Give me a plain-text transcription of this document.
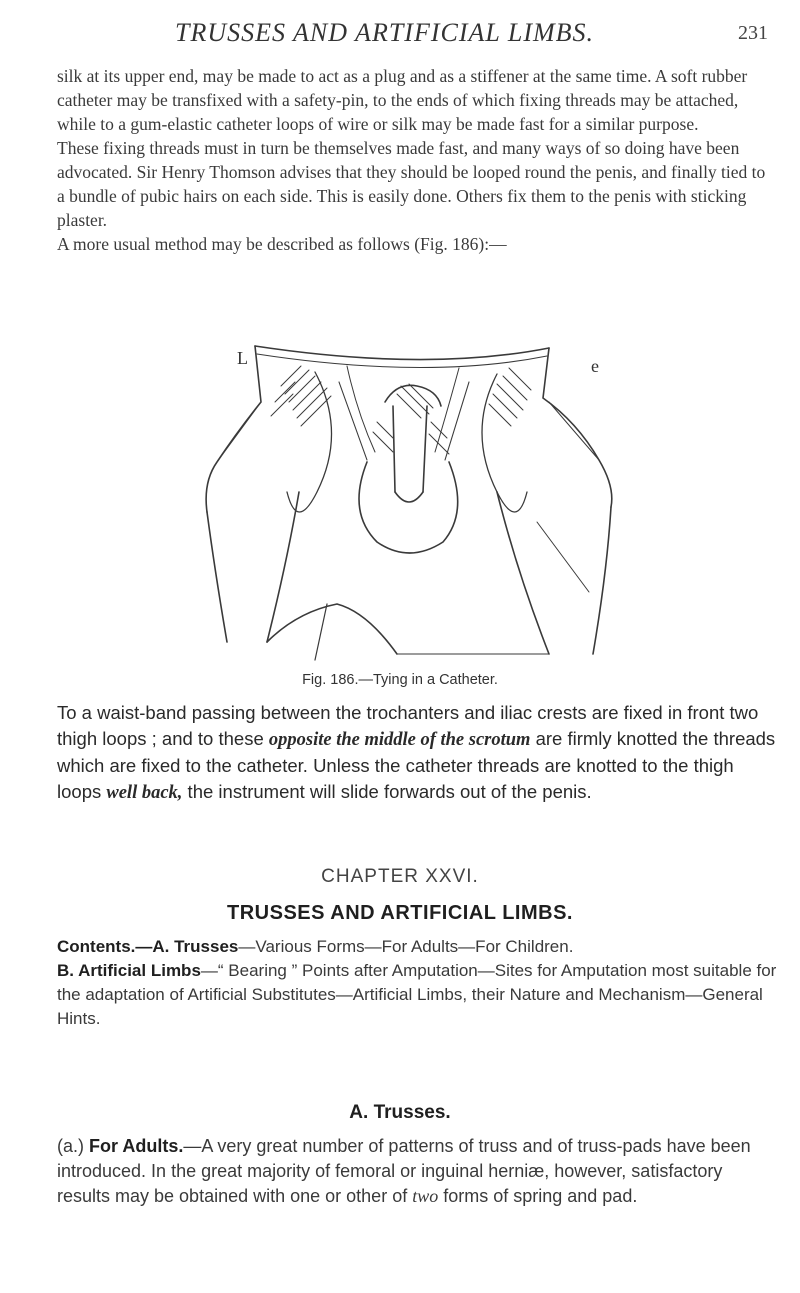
TRUSSES AND ARTIFICIAL LIMBS.	231

silk at its upper end, may be made to act as a plug and as a stiffener at the same time. A soft rubber catheter may be transfixed with a safety-pin, to the ends of which fixing threads may be attached, while to a gum-elastic catheter loops of wire or silk may be made fast for a similar purpose.

These fixing threads must in turn be themselves made fast, and many ways of so doing have been advocated. Sir Henry Thomson advises that they should be looped round the penis, and finally tied to a bundle of pubic hairs on each side. This is easily done. Others fix them to the penis with sticking plaster.

A more usual method may be described as follows (Fig. 186):—

L	e
Fig. 186.—Tying in a Catheter.

To a waist-band passing between the trochanters and iliac crests are fixed in front two thigh loops ; and to these opposite the middle of the scrotum are firmly knotted the threads which are fixed to the catheter. Unless the catheter threads are knotted to the thigh loops well back, the instrument will slide forwards out of the penis.

CHAPTER XXVI.
TRUSSES AND ARTIFICIAL LIMBS.
Contents.—A. Trusses—Various Forms—For Adults—For Children.
B. Artificial Limbs—“ Bearing ” Points after Amputation—Sites for Amputation most suitable for the adaptation of Artificial Substitutes—Artificial Limbs, their Nature and Mechanism—General Hints.
A. Trusses.
(a.) For Adults.—A very great number of patterns of truss and of truss-pads have been introduced. In the great majority of femoral or inguinal herniæ, however, satisfactory results may be obtained with one or other of two forms of spring and pad.
